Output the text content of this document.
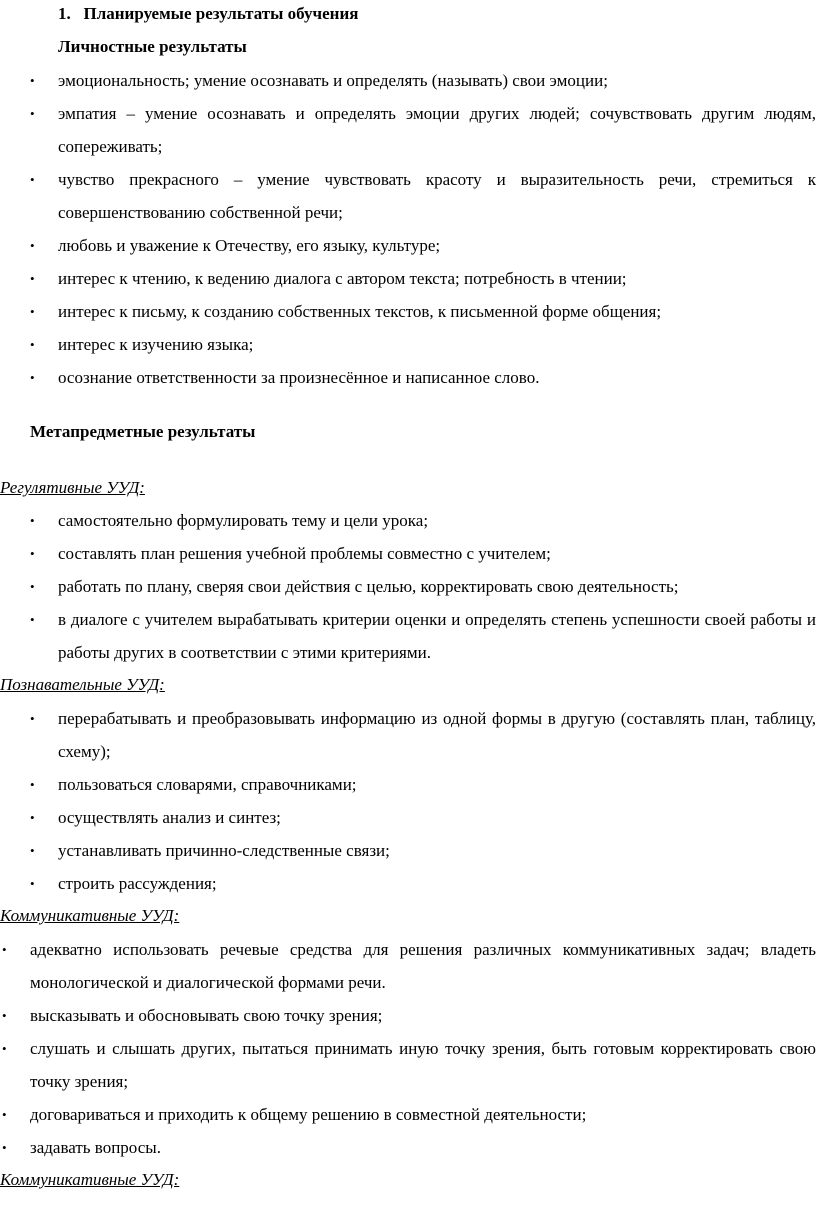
1. Планируемые результаты обучения
Личностные результаты
• эмоциональность; умение осознавать и определять (называть) свои эмоции;
• эмпатия – умение осознавать и определять эмоции других людей; сочувствовать другим людям, сопереживать;
• чувство прекрасного – умение чувствовать красоту и выразительность речи, стремиться к совершенствованию собственной речи;
• любовь и уважение к Отечеству, его языку, культуре;
• интерес к чтению, к ведению диалога с автором текста; потребность в чтении;
• интерес к письму, к созданию собственных текстов, к письменной форме общения;
• интерес к изучению языка;
• осознание ответственности за произнесённое и написанное слово.
Метапредметные результаты
Регулятивные УУД:
• самостоятельно формулировать тему и цели урока;
• составлять план решения учебной проблемы совместно с учителем;
• работать по плану, сверяя свои действия с целью, корректировать свою деятельность;
• в диалоге с учителем вырабатывать критерии оценки и определять степень успешности своей работы и работы других в соответствии с этими критериями.
Познавательные УУД:
• перерабатывать и преобразовывать информацию из одной формы в другую (составлять план, таблицу, схему);
• пользоваться словарями, справочниками;
• осуществлять анализ и синтез;
• устанавливать причинно-следственные связи;
• строить рассуждения;
Коммуникативные УУД:
• адекватно использовать речевые средства для решения различных коммуникативных задач; владеть монологической и диалогической формами речи.
• высказывать и обосновывать свою точку зрения;
• слушать и слышать других, пытаться принимать иную точку зрения, быть готовым корректировать свою точку зрения;
• договариваться и приходить к общему решению в совместной деятельности;
• задавать вопросы.
Коммуникативные УУД:
